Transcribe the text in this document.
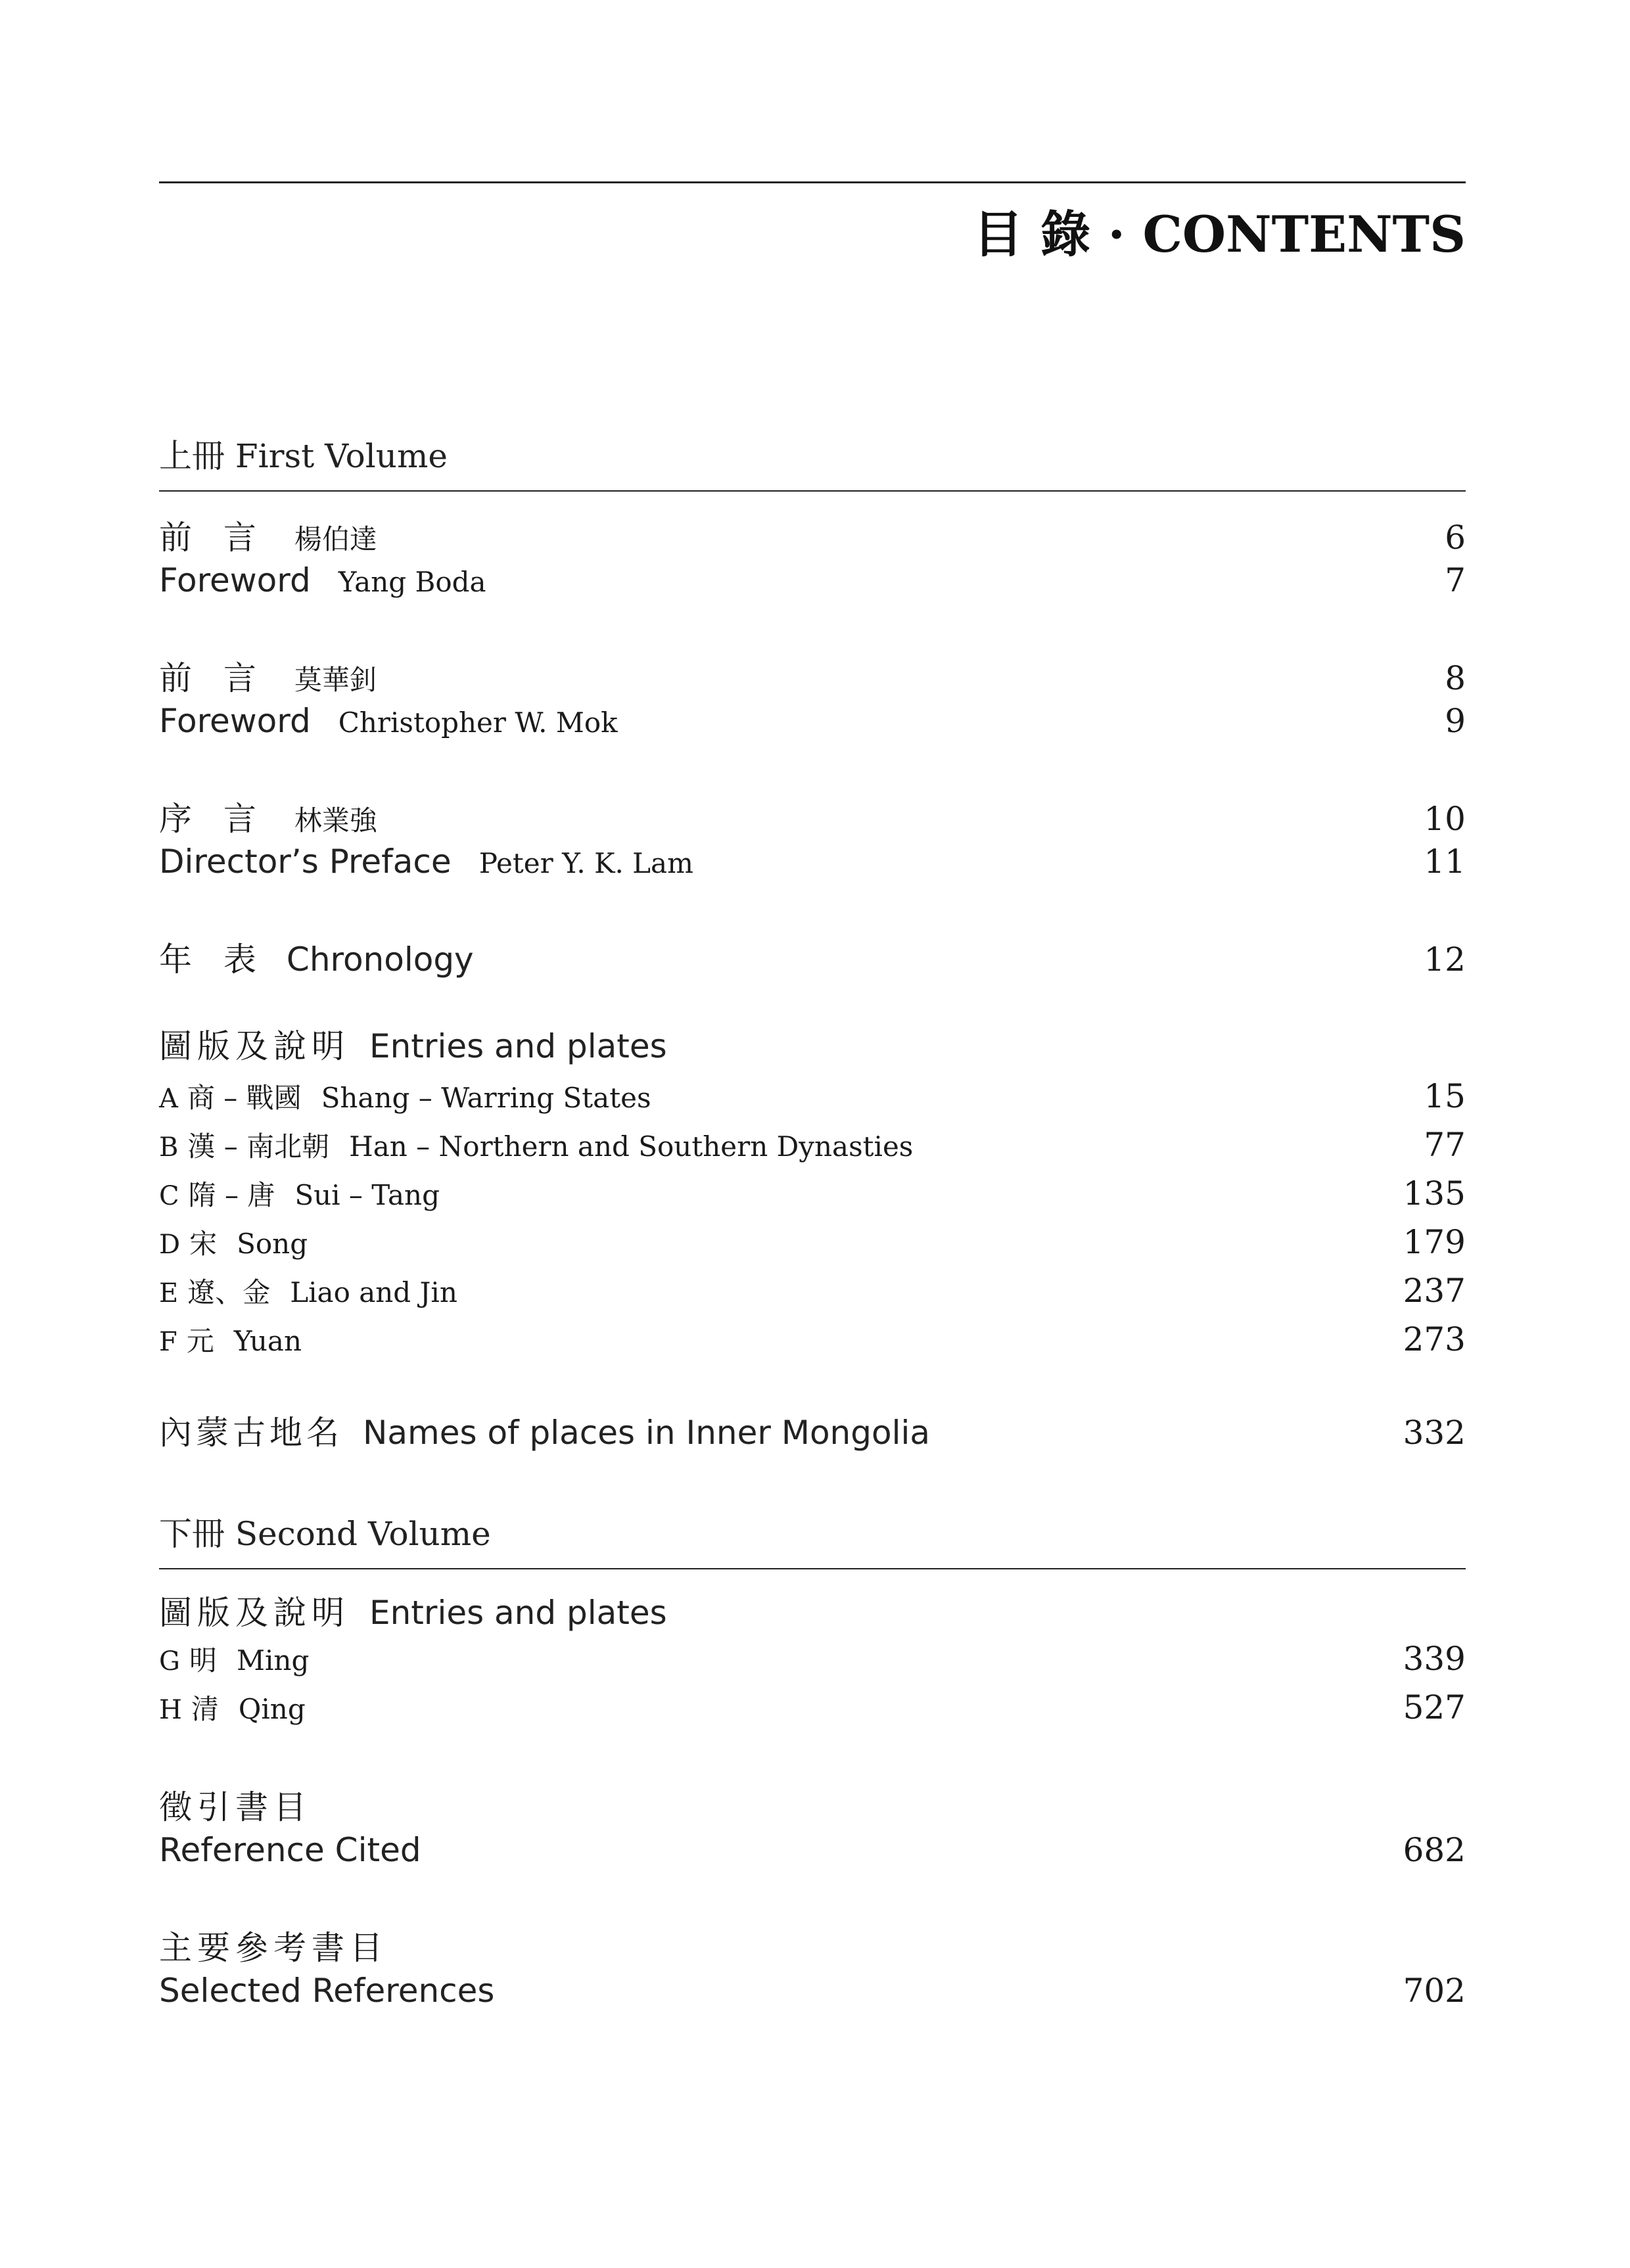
目 錄 · CONTENTS
上冊 First Volume
前 言 楊伯達	6
Foreword Yang Boda	7
前 言 莫華釗	8
Foreword Christopher W. Mok	9
序 言 林業強	10
Director’s Preface Peter Y. K. Lam	11
年 表 Chronology	12
圖版及說明 Entries and plates
A 商 – 戰國 Shang – Warring States	15
B 漢 – 南北朝 Han – Northern and Southern Dynasties	77
C 隋 – 唐 Sui – Tang	135
D 宋 Song	179
E 遼、金 Liao and Jin	237
F 元 Yuan	273
內蒙古地名 Names of places in Inner Mongolia	332
下冊 Second Volume
圖版及說明 Entries and plates
G 明 Ming	339
H 清 Qing	527
徵引書目
Reference Cited	682
主要參考書目
Selected References	702
